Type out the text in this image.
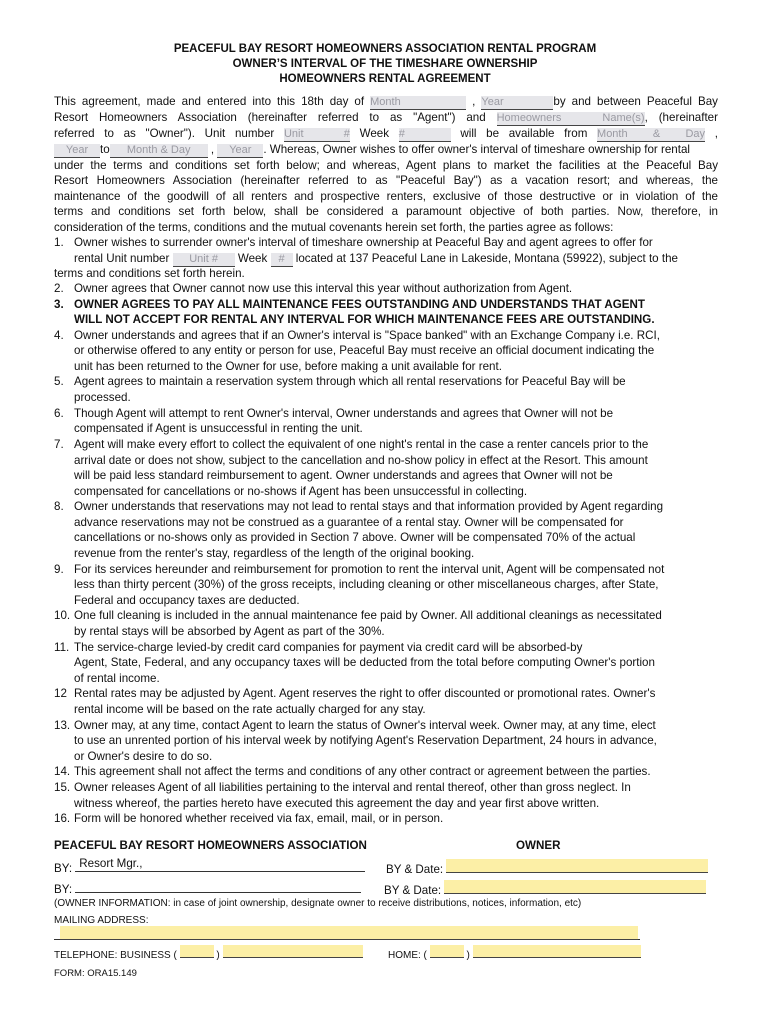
PEACEFUL BAY RESORT HOMEOWNERS ASSOCIATION RENTAL PROGRAM
OWNER’S INTERVAL OF THE TIMESHARE OWNERSHIP
HOMEOWNERS RENTAL AGREEMENT
This agreement, made and entered into this 18th day of Month	, Year	by and between Peaceful Bay
Resort Homeowners Association (hereinafter referred to as "Agent") and Homeowners Name(s), (hereinafter
referred to as "Owner"). Unit number Unit # Week #	will be available from Month & Day ,
Year to Month & Day , Year . Whereas, Owner wishes to offer owner's interval of timeshare ownership for rental
under the terms and conditions set forth below; and whereas, Agent plans to market the facilities at the Peaceful Bay
Resort Homeowners Association (hereinafter referred to as "Peaceful Bay") as a vacation resort; and whereas, the
maintenance of the goodwill of all renters and prospective renters, exclusive of those destructive or in violation of the
terms and conditions set forth below, shall be considered a paramount objective of both parties. Now, therefore, in
consideration of the terms, conditions and the mutual covenants herein set forth, the parties agree as follows:
1. Owner wishes to surrender owner's interval of timeshare ownership at Peaceful Bay and agent agrees to offer for
rental Unit number Unit # Week # located at 137 Peaceful Lane in Lakeside, Montana (59922), subject to the
terms and conditions set forth herein.
2. Owner agrees that Owner cannot now use this interval this year without authorization from Agent.
3. OWNER AGREES TO PAY ALL MAINTENANCE FEES OUTSTANDING AND UNDERSTANDS THAT AGENT
WILL NOT ACCEPT FOR RENTAL ANY INTERVAL FOR WHICH MAINTENANCE FEES ARE OUTSTANDING.
4. Owner understands and agrees that if an Owner's interval is "Space banked" with an Exchange Company i.e. RCI,
or otherwise offered to any entity or person for use, Peaceful Bay must receive an official document indicating the
unit has been returned to the Owner for use, before making a unit available for rent.
5. Agent agrees to maintain a reservation system through which all rental reservations for Peaceful Bay will be
processed.
6. Though Agent will attempt to rent Owner's interval, Owner understands and agrees that Owner will not be
compensated if Agent is unsuccessful in renting the unit.
7. Agent will make every effort to collect the equivalent of one night's rental in the case a renter cancels prior to the
arrival date or does not show, subject to the cancellation and no-show policy in effect at the Resort. This amount
will be paid less standard reimbursement to agent. Owner understands and agrees that Owner will not be
compensated for cancellations or no-shows if Agent has been unsuccessful in collecting.
8. Owner understands that reservations may not lead to rental stays and that information provided by Agent regarding
advance reservations may not be construed as a guarantee of a rental stay. Owner will be compensated for
cancellations or no-shows only as provided in Section 7 above. Owner will be compensated 70% of the actual
revenue from the renter's stay, regardless of the length of the original booking.
9. For its services hereunder and reimbursement for promotion to rent the interval unit, Agent will be compensated not
less than thirty percent (30%) of the gross receipts, including cleaning or other miscellaneous charges, after State,
Federal and occupancy taxes are deducted.
10. One full cleaning is included in the annual maintenance fee paid by Owner. All additional cleanings as necessitated
by rental stays will be absorbed by Agent as part of the 30%.
11. The service-charge levied-by credit card companies for payment via credit card will be absorbed-by
Agent, State, Federal, and any occupancy taxes will be deducted from the total before computing Owner's portion
of rental income.
12 Rental rates may be adjusted by Agent. Agent reserves the right to offer discounted or promotional rates. Owner's
rental income will be based on the rate actually charged for any stay.
13. Owner may, at any time, contact Agent to learn the status of Owner's interval week. Owner may, at any time, elect
to use an unrented portion of his interval week by notifying Agent's Reservation Department, 24 hours in advance,
or Owner's desire to do so.
14. This agreement shall not affect the terms and conditions of any other contract or agreement between the parties.
15. Owner releases Agent of all liabilities pertaining to the interval and rental thereof, other than gross neglect. In
witness whereof, the parties hereto have executed this agreement the day and year first above written.
16. Form will be honored whether received via fax, email, mail, or in person.
PEACEFUL BAY RESORT HOMEOWNERS ASSOCIATION	OWNER
BY: Resort Mgr.,	BY & Date:
BY:	BY & Date:
(OWNER INFORMATION: in case of joint ownership, designate owner to receive distributions, notices, information, etc)
MAILING ADDRESS:
TELEPHONE: BUSINESS (	)	HOME: (	)
FORM: ORA15.149
